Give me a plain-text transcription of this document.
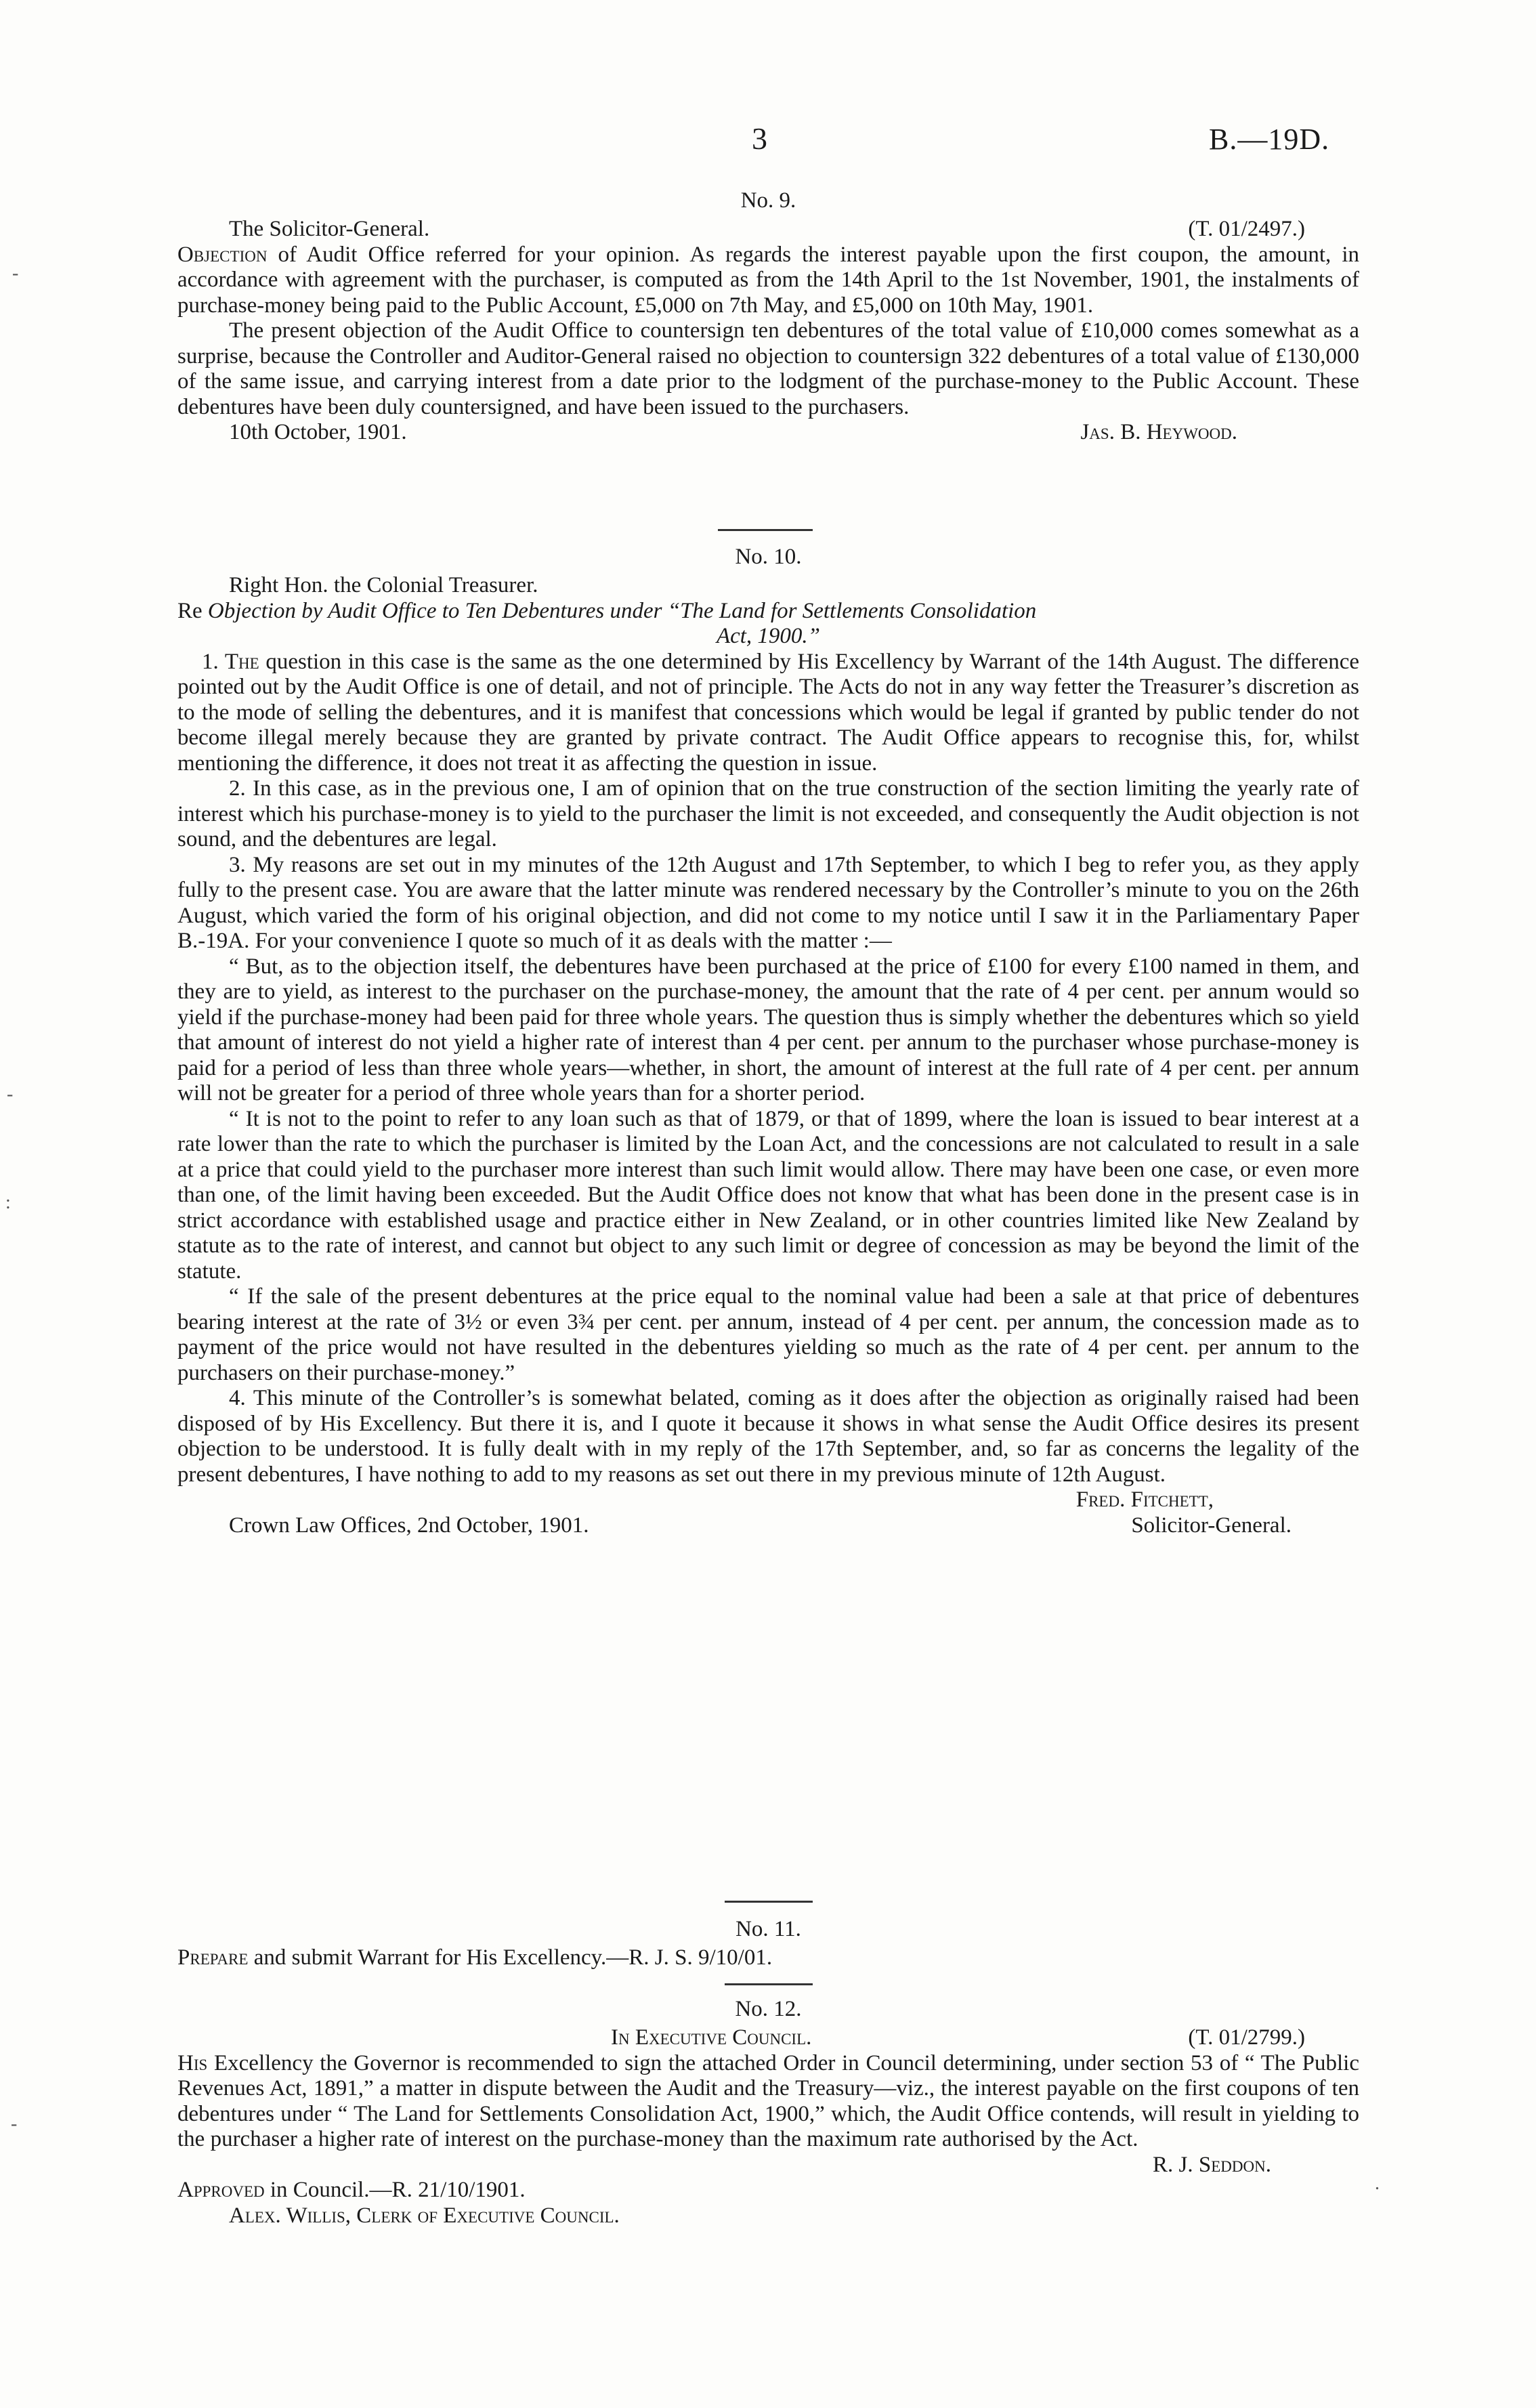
3	B.—19D.
No. 9.
The Solicitor-General.	(T. 01/2497.)

Objection of Audit Office referred for your opinion. As regards the interest payable upon the first coupon, the amount, in accordance with agreement with the purchaser, is computed as from the 14th April to the 1st November, 1901, the instalments of purchase-money being paid to the Public Account, £5,000 on 7th May, and £5,000 on 10th May, 1901.

The present objection of the Audit Office to countersign ten debentures of the total value of £10,000 comes somewhat as a surprise, because the Controller and Auditor-General raised no objection to countersign 322 debentures of a total value of £130,000 of the same issue, and carrying interest from a date prior to the lodgment of the purchase-money to the Public Account. These debentures have been duly countersigned, and have been issued to the purchasers.

10th October, 1901.	Jas. B. Heywood.
No. 10.

Right Hon. the Colonial Treasurer.

Re Objection by Audit Office to Ten Debentures under “The Land for Settlements Consolidation

Act, 1900.”

1. The question in this case is the same as the one determined by His Excellency by Warrant of the 14th August. The difference pointed out by the Audit Office is one of detail, and not of principle. The Acts do not in any way fetter the Treasurer’s discretion as to the mode of selling the debentures, and it is manifest that concessions which would be legal if granted by public tender do not become illegal merely because they are granted by private contract. The Audit Office appears to recognise this, for, whilst mentioning the difference, it does not treat it as affecting the question in issue.

2. In this case, as in the previous one, I am of opinion that on the true construction of the section limiting the yearly rate of interest which his purchase-money is to yield to the purchaser the limit is not exceeded, and consequently the Audit objection is not sound, and the debentures are legal.

3. My reasons are set out in my minutes of the 12th August and 17th September, to which I beg to refer you, as they apply fully to the present case. You are aware that the latter minute was rendered necessary by the Controller’s minute to you on the 26th August, which varied the form of his original objection, and did not come to my notice until I saw it in the Parliamentary Paper B.-19A. For your convenience I quote so much of it as deals with the matter :—

“ But, as to the objection itself, the debentures have been purchased at the price of £100 for every £100 named in them, and they are to yield, as interest to the purchaser on the purchase-money, the amount that the rate of 4 per cent. per annum would so yield if the purchase-money had been paid for three whole years. The question thus is simply whether the debentures which so yield that amount of interest do not yield a higher rate of interest than 4 per cent. per annum to the purchaser whose purchase-money is paid for a period of less than three whole years—whether, in short, the amount of interest at the full rate of 4 per cent. per annum will not be greater for a period of three whole years than for a shorter period.

“ It is not to the point to refer to any loan such as that of 1879, or that of 1899, where the loan is issued to bear interest at a rate lower than the rate to which the purchaser is limited by the Loan Act, and the concessions are not calculated to result in a sale at a price that could yield to the purchaser more interest than such limit would allow. There may have been one case, or even more than one, of the limit having been exceeded. But the Audit Office does not know that what has been done in the present case is in strict accordance with established usage and practice either in New Zealand, or in other countries limited like New Zealand by statute as to the rate of interest, and cannot but object to any such limit or degree of concession as may be beyond the limit of the statute.

“ If the sale of the present debentures at the price equal to the nominal value had been a sale at that price of debentures bearing interest at the rate of 3½ or even 3¾ per cent. per annum, instead of 4 per cent. per annum, the concession made as to payment of the price would not have resulted in the debentures yielding so much as the rate of 4 per cent. per annum to the purchasers on their purchase-money.”

4. This minute of the Controller’s is somewhat belated, coming as it does after the objection as originally raised had been disposed of by His Excellency. But there it is, and I quote it because it shows in what sense the Audit Office desires its present objection to be understood. It is fully dealt with in my reply of the 17th September, and, so far as concerns the legality of the present debentures, I have nothing to add to my reasons as set out there in my previous minute of 12th August.

Fred. Fitchett,
Crown Law Offices, 2nd October, 1901.	Solicitor-General.
No. 11.

Prepare and submit Warrant for His Excellency.—R. J. S. 9/10/01.

No. 12.
In Executive Council.	(T. 01/2799.)

His Excellency the Governor is recommended to sign the attached Order in Council determining, under section 53 of “ The Public Revenues Act, 1891,” a matter in dispute between the Audit and the Treasury—viz., the interest payable on the first coupons of ten debentures under “ The Land for Settlements Consolidation Act, 1900,” which, the Audit Office contends, will result in yielding to the purchaser a higher rate of interest on the purchase-money than the maximum rate authorised by the Act.

R. J. Seddon.

Approved in Council.—R. 21/10/1901.

Alex. Willis, Clerk of Executive Council.

-
-
:
-
.
